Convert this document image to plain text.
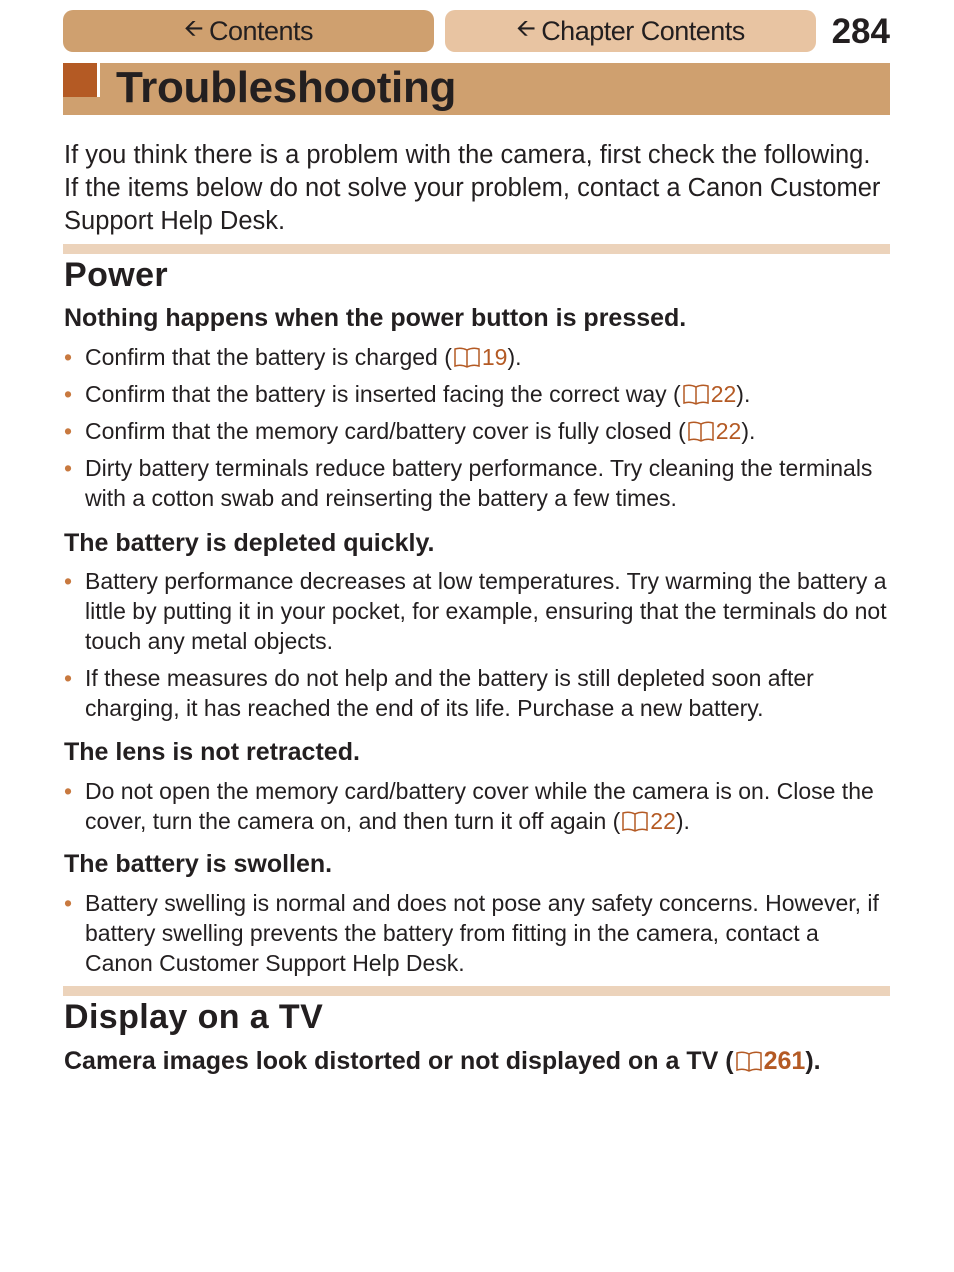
🡨 Contents	🡨 Chapter Contents 284
Troubleshooting

If you think there is a problem with the camera, first check the following. If the items below do not solve your problem, contact a Canon Customer Support Help Desk.

Power
Nothing happens when the power button is pressed.
• Confirm that the battery is charged ( 19).
• Confirm that the battery is inserted facing the correct way ( 22).
• Confirm that the memory card/battery cover is fully closed ( 22).
• Dirty battery terminals reduce battery performance. Try cleaning the terminals with a cotton swab and reinserting the battery a few times.
The battery is depleted quickly.
• Battery performance decreases at low temperatures. Try warming the battery a little by putting it in your pocket, for example, ensuring that the terminals do not touch any metal objects.
• If these measures do not help and the battery is still depleted soon after charging, it has reached the end of its life. Purchase a new battery.
The lens is not retracted.
• Do not open the memory card/battery cover while the camera is on. Close the cover, turn the camera on, and then turn it off again ( 22).
The battery is swollen.
• Battery swelling is normal and does not pose any safety concerns. However, if battery swelling prevents the battery from fitting in the camera, contact a Canon Customer Support Help Desk.
Display on a TV
Camera images look distorted or not displayed on a TV ( 261).
